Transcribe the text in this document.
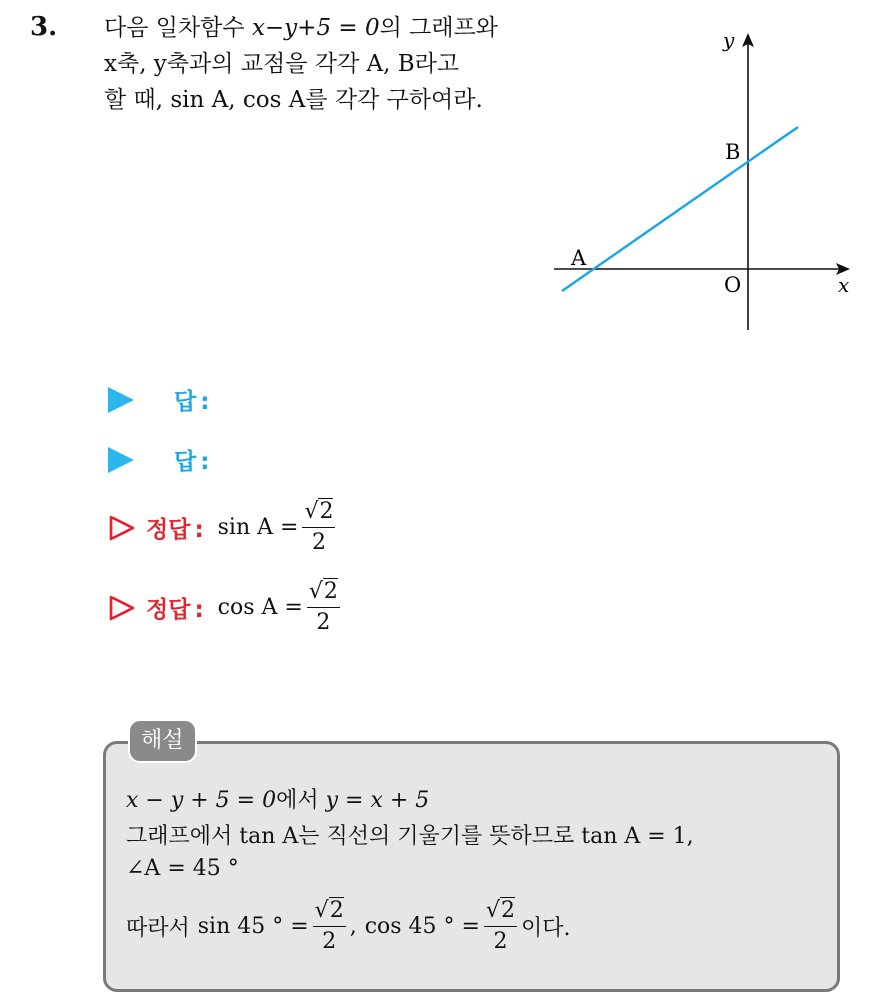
3. 다음 일차함수 x−y+5 = 0의 그래프와

x축, y축과의 교점을 각각 A, B라고

할 때, sin A, cos A를 각각 구하여라.

y
x
O
A
B
답 :
답 :
정답 : $\sin A = \frac{√2}{2}$
정답 : $\cos A = \frac{√2}{2}$
해설
x − y + 5 = 0에서 y = x + 5
그래프에서 tan A는 직선의 기울기를 뜻하므로 tan A = 1,
∠A = 45 °
따라서 sin 45 ° = $\frac{√2}{2}$ , cos 45 ° = $\frac{√2}{2}$ 이다.
